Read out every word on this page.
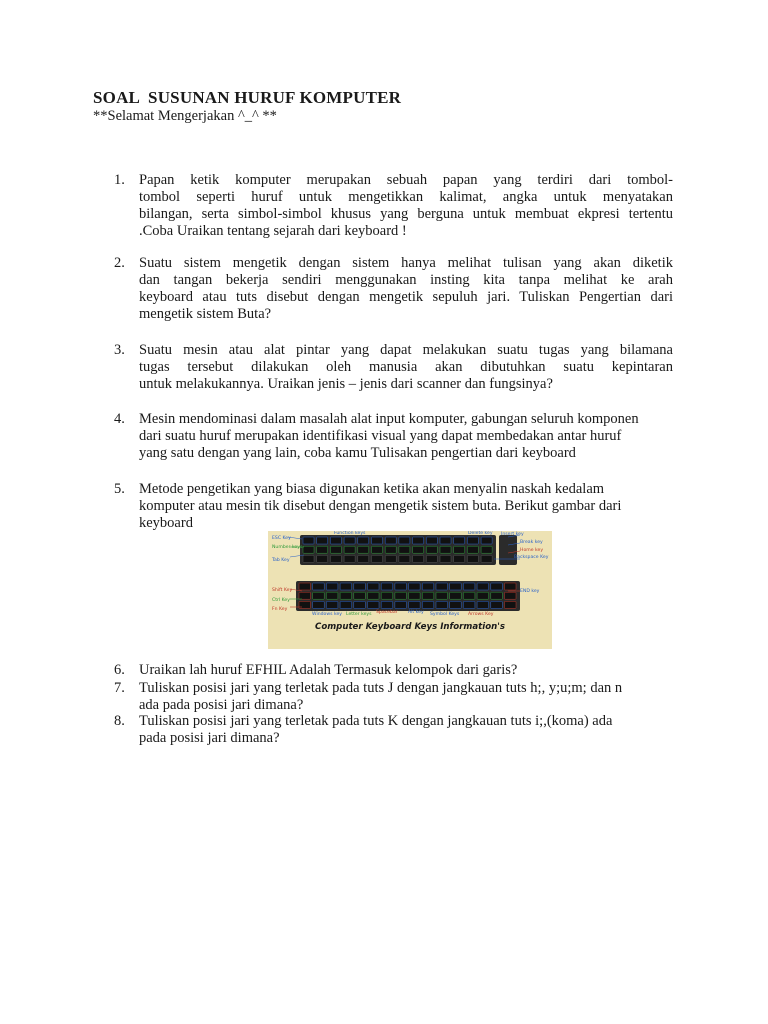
SOAL  SUSUNAN HURUF KOMPUTER
**Selamat Mengerjakan ^_^ **
1. Papan ketik komputer merupakan sebuah papan yang terdiri dari tombol-
tombol seperti huruf untuk mengetikkan kalimat, angka untuk menyatakan
bilangan, serta simbol-simbol khusus yang berguna untuk membuat ekpresi tertentu
.Coba Uraikan tentang sejarah dari keyboard !
2. Suatu sistem mengetik dengan sistem hanya melihat tulisan yang akan diketik
dan tangan bekerja sendiri menggunakan insting kita tanpa melihat ke arah
keyboard atau tuts disebut dengan mengetik sepuluh jari. Tuliskan Pengertian dari
mengetik sistem Buta?
3. Suatu mesin atau alat pintar yang dapat melakukan suatu tugas yang bilamana
tugas tersebut dilakukan oleh manusia akan dibutuhkan suatu kepintaran
untuk melakukannya. Uraikan jenis – jenis dari scanner dan fungsinya?
4. Mesin mendominasi dalam masalah alat input komputer, gabungan seluruh komponen
dari suatu huruf merupakan identifikasi visual yang dapat membedakan antar huruf
yang satu dengan yang lain, coba kamu Tulisakan pengertian dari keyboard
5. Metode pengetikan yang biasa digunakan ketika akan menyalin naskah kedalam
komputer atau mesin tik disebut dengan mengetik sistem buta. Berikut gambar dari
keyboard
Function keys
ESC Key
Number keys
Tab Key
Delete key Insert key
Break key
Home key
Backspace Key
Shift Key
Ctrl Key
Fn Key
Windows key Letter keys Spacebar Alt key Symbol Keys Arrows Key
END key
Computer Keyboard Keys Information's
6. Uraikan lah huruf EFHIL Adalah Termasuk kelompok dari garis?
7. Tuliskan posisi jari yang terletak pada tuts J dengan jangkauan tuts h;, y;u;m; dan n
ada pada posisi jari dimana?
8. Tuliskan posisi jari yang terletak pada tuts K dengan jangkauan tuts i;,(koma) ada
pada posisi jari dimana?
